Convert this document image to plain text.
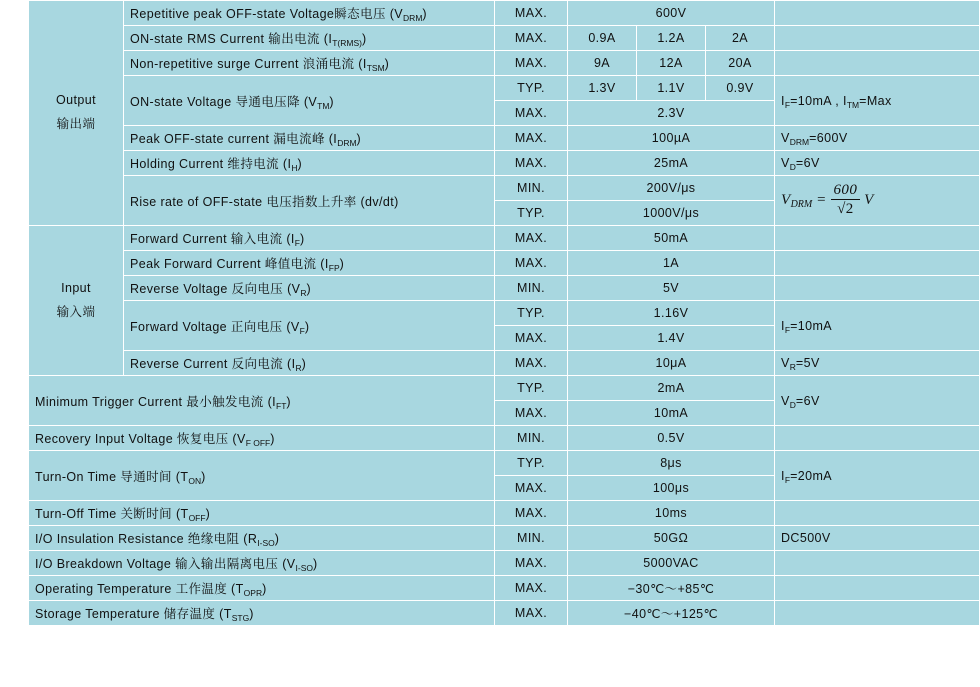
Output
输出端	Repetitive peak OFF-state Voltage瞬态电压 $(V_{DRM})$	MAX.	600V			
	ON-state RMS Current 输出电流 $(I_{T(RMS)})$	MAX.	0.9A	1.2A	2A	
	Non-repetitive surge Current 浪涌电流 $(I_{TSM})$	MAX.	9A	12A	20A	
	ON-state Voltage 导通电压降 $(V_{TM})$	TYP.	1.3V	1.1V	0.9V	$I_F=10mA$ , $I_{TM}=Max$
		MAX.	2.3V			
	Peak OFF-state current 漏电流峰 $(I_{DRM})$	MAX.	100µA			$V_{DRM}=600V$
	Holding Current 维持电流 $(I_H)$	MAX.	25mA			$V_D=6V$
	Rise rate of OFF-state 电压指数上升率 (dv/dt)	MIN.	200V/μs			$V_{DRM} = \frac{600}{√2}$ V
		TYP.	1000V/μs			
Input
输入端	Forward Current 输入电流 $(I_F)$	MAX.	50mA			
	Peak Forward Current 峰值电流 $(I_{FP})$	MAX.	1A			
	Reverse Voltage 反向电压 $(V_R)$	MIN.	5V			
	Forward Voltage 正向电压 $(V_F)$	TYP.	1.16V			$I_F=10mA$
		MAX.	1.4V			
	Reverse Current 反向电流 $(I_R)$	MAX.	10μA			$V_R=5V$
Minimum Trigger Current 最小触发电流 $(I_{FT})$		TYP.	2mA			$V_D=6V$
		MAX.	10mA			
Recovery Input Voltage 恢复电压 $(V_{F OFF})$		MIN.	0.5V			
Turn-On Time 导通时间 $(T_{ON})$		TYP.	8μs			$I_F=20mA$
		MAX.	100μs			
Turn-Off Time 关断时间 $(T_{OFF})$		MAX.	10ms			
I/O Insulation Resistance 绝缘电阻 $(R_{I-SO})$		MIN.	50GΩ			DC500V
I/O Breakdown Voltage 输入输出隔离电压 $(V_{I-SO})$		MAX.	5000VAC			
Operating Temperature 工作温度 $(T_{OPR})$		MAX.	−30℃～+85℃			
Storage Temperature 储存温度 $(T_{STG})$		MAX.	−40℃～+125℃			
